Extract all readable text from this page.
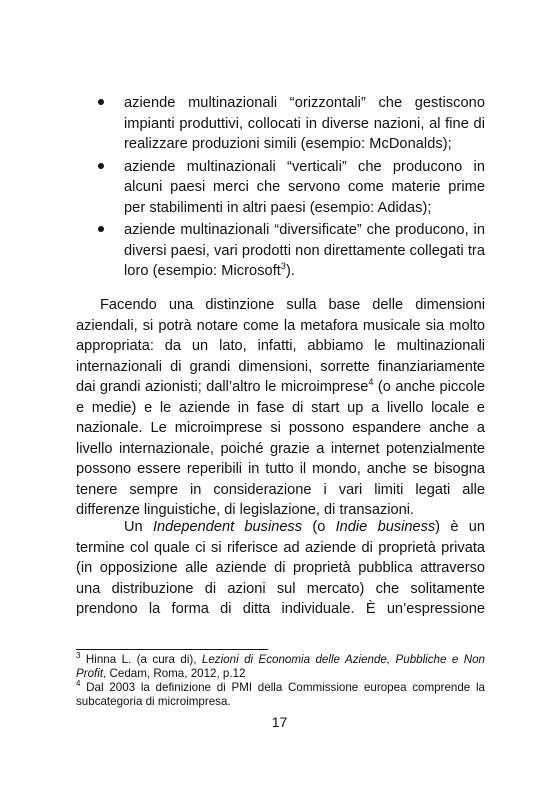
aziende multinazionali “orizzontali” che gestiscono impianti produttivi, collocati in diverse nazioni, al fine di realizzare produzioni simili (esempio: McDonalds);
aziende multinazionali “verticali” che producono in alcuni paesi merci che servono come materie prime per stabilimenti in altri paesi (esempio: Adidas);
aziende multinazionali “diversificate” che producono, in diversi paesi, vari prodotti non direttamente collegati tra loro (esempio: Microsoft$^3$).

Facendo una distinzione sulla base delle dimensioni aziendali, si potrà notare come la metafora musicale sia molto appropriata: da un lato, infatti, abbiamo le multinazionali internazionali di grandi dimensioni, sorrette finanziariamente dai grandi azionisti; dall’altro le microimprese$^4$ (o anche piccole e medie) e le aziende in fase di start up a livello locale e nazionale. Le microimprese si possono espandere anche a livello internazionale, poiché grazie a internet potenzialmente possono essere reperibili in tutto il mondo, anche se bisogna tenere sempre in considerazione i vari limiti legati alle differenze linguistiche, di legislazione, di transazioni.

Un Independent business (o Indie business) è un termine col quale ci si riferisce ad aziende di proprietà privata (in opposizione alle aziende di proprietà pubblica attraverso una distribuzione di azioni sul mercato) che solitamente prendono la forma di ditta individuale. È un’espressione

$^3$ Hinna L. (a cura di), Lezioni di Economia delle Aziende, Pubbliche e Non Profit, Cedam, Roma, 2012, p.12

$^4$ Dal 2003 la definizione di PMI della Commissione europea comprende la subcategoria di microimpresa.

17
